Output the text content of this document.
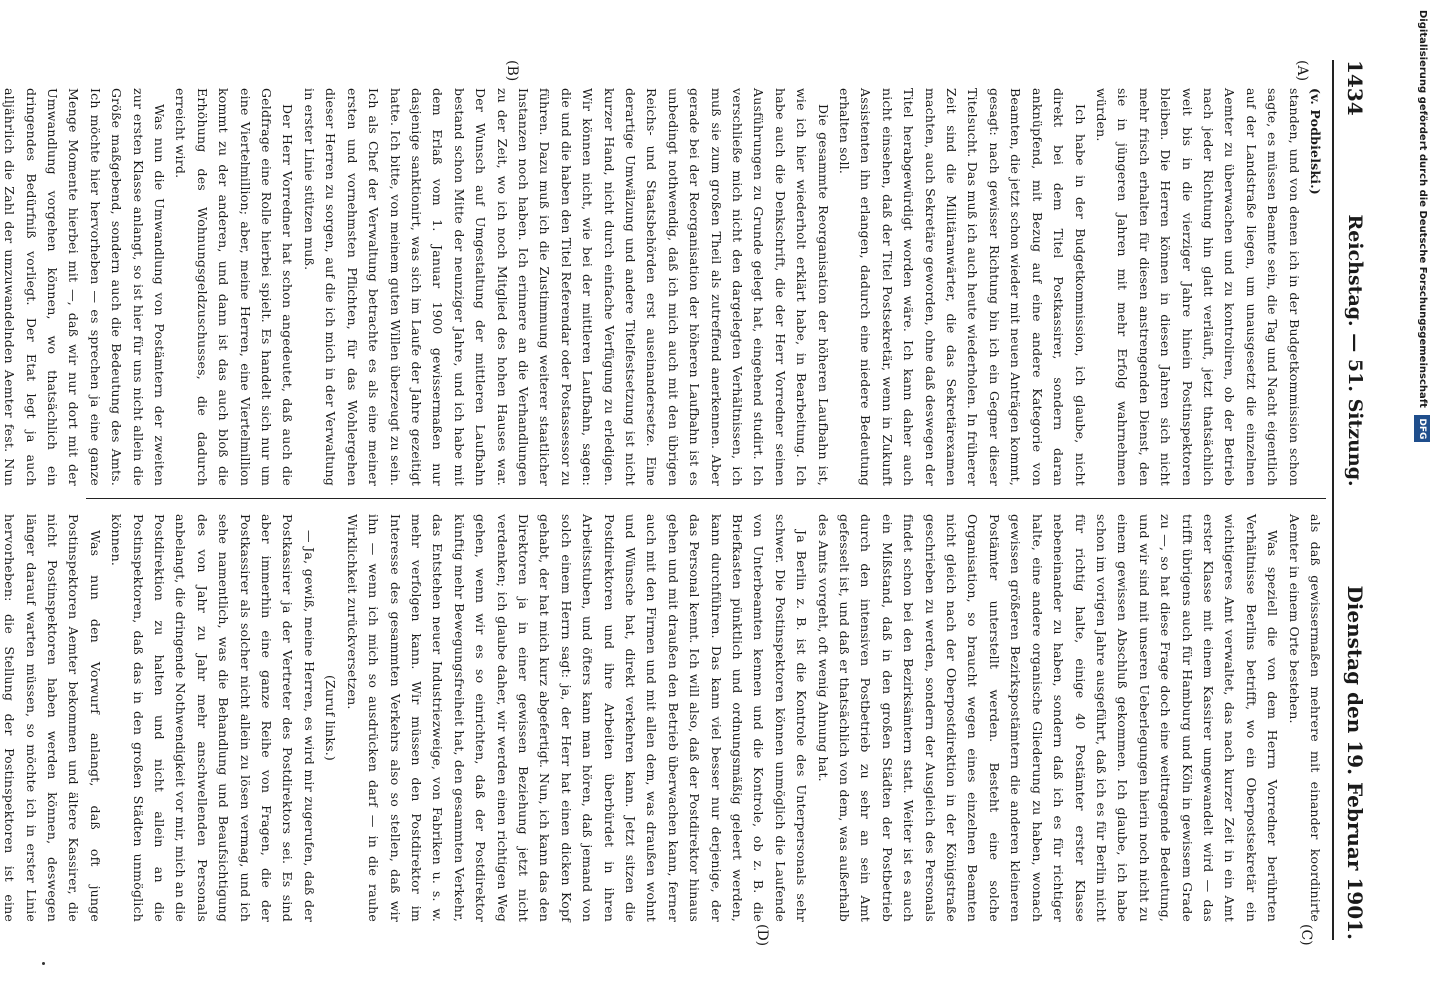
1434
Reichstag. — 51. Sitzung.
Dienstag den 19. Februar 1901.
(A)
(B)
(C)
(D)

(v. Podbielski.)

standen, und von denen ich in der Budgetkommission schon sagte, es müssen Beamte sein, die Tag und Nacht eigentlich auf der Landstraße liegen, um unausgesetzt die einzelnen Aemter zu überwachen und zu kontroliren, ob der Betrieb nach jeder Richtung hin glatt verläuft, jetzt thatsächlich weit bis in die vierziger Jahre hinein Postinspektoren bleiben. Die Herren können in diesen Jahren sich nicht mehr frisch erhalten für diesen anstrengenden Dienst, den sie in jüngeren Jahren mit mehr Erfolg wahrnehmen würden.

Ich habe in der Budgetkommission, ich glaube, nicht direkt bei dem Titel Postkassirer, sondern daran anknüpfend, mit Bezug auf eine andere Kategorie von Beamten, die jetzt schon wieder mit neuen Anträgen kommt, gesagt: nach gewisser Richtung bin ich ein Gegner dieser Titelsucht. Das muß ich auch heute wiederholen. In früherer Zeit sind die Militäranwärter, die das Sekretärexamen machten, auch Sekretäre geworden, ohne daß deswegen der Titel herabgewürdigt worden wäre. Ich kann daher auch nicht einsehen, daß der Titel Postsekretär, wenn in Zukunft Assistenten ihn erlangen, dadurch eine niedere Bedeutung erhalten soll.

Die gesammte Reorganisation der höheren Laufbahn ist, wie ich hier wiederholt erklärt habe, in Bearbeitung. Ich habe auch die Denkschrift, die der Herr Vorredner seinen Ausführungen zu Grunde gelegt hat, eingehend studirt. Ich verschließe mich nicht den dargelegten Verhältnissen, ich muß sie zum großen Theil als zutreffend anerkennen. Aber gerade bei der Reorganisation der höheren Laufbahn ist es unbedingt nothwendig, daß ich mich auch mit den übrigen Reichs- und Staatsbehörden erst auseinandersetze. Eine derartige Umwälzung und andere Titelfestsetzung ist nicht kurzer Hand, nicht durch einfache Verfügung zu erledigen. Wir können nicht, wie bei der mittleren Laufbahn, sagen: die und die haben den Titel Referendar oder Postassessor zu führen. Dazu muß ich die Zustimmung weiterer staatlicher Instanzen noch haben. Ich erinnere an die Verhandlungen zu der Zeit, wo ich noch Mitglied des hohen Hauses war. Der Wunsch auf Umgestaltung der mittleren Laufbahn bestand schon Mitte der neunziger Jahre, und ich habe mit dem Erlaß vom 1. Januar 1900 gewissermaßen nur dasjenige sanktionirt, was sich im Laufe der Jahre gezeitigt hatte. Ich bitte, von meinem guten Willen überzeugt zu sein. Ich als Chef der Verwaltung betrachte es als eine meiner ersten und vornehmsten Pflichten, für das Wohlergehen dieser Herren zu sorgen, auf die ich mich in der Verwaltung in erster Linie stützen muß.

Der Herr Vorredner hat schon angedeutet, daß auch die Geldfrage eine Rolle hierbei spielt. Es handelt sich nur um eine Viertelmillion; aber, meine Herren, eine Viertelmillion kommt zu der anderen, und dann ist das auch bloß die Erhöhung des Wohnungsgeldzuschusses, die dadurch erreicht wird.

Was nun die Umwandlung von Postämtern der zweiten zur ersten Klasse anlangt, so ist hier für uns nicht allein die Größe maßgebend, sondern auch die Bedeutung des Amts. Ich möchte hier hervorheben — es sprechen ja eine ganze Menge Momente hierbei mit —, daß wir nur dort mit der Umwandlung vorgehen können, wo thatsächlich ein dringendes Bedürfniß vorliegt. Der Etat legt ja auch alljährlich die Zahl der umzuwandelnden Aemter fest. Nun

als daß gewissermaßen mehrere mit einander koordinirte Aemter in einem Orte bestehen.

Was speziell die von dem Herrn Vorredner berührten Verhältnisse Berlins betrifft, wo ein Oberpostsekretär ein wichtigeres Amt verwaltet, das nach kurzer Zeit in ein Amt erster Klasse mit einem Kassirer umgewandelt wird — das trifft übrigens auch für Hamburg und Köln in gewissem Grade zu —, so hat diese Frage doch eine weittragende Bedeutung, und wir sind mit unseren Ueberlegungen hierin noch nicht zu einem gewissen Abschluß gekommen. Ich glaube, ich habe schon im vorigen Jahre ausgeführt, daß ich es für Berlin nicht für richtig halte, einige 40 Postämter erster Klasse nebeneinander zu haben, sondern daß ich es für richtiger halte, eine andere organische Gliederung zu haben, wonach gewissen größeren Bezirkspostämtern die anderen kleineren Postämter unterstellt werden. Besteht eine solche Organisation, so braucht wegen eines einzelnen Beamten nicht gleich nach der Oberpostdirektion in der Königstraße geschrieben zu werden, sondern der Ausgleich des Personals findet schon bei den Bezirksämtern statt. Weiter ist es auch ein Mißstand, daß in den großen Städten der Postbetrieb durch den intensiven Postbetrieb zu sehr an sein Amt gefesselt ist, und daß er thatsächlich von dem, was außerhalb des Amts vorgeht, oft wenig Ahnung hat.

Ja Berlin z. B. ist die Kontrole des Unterpersonals sehr schwer. Die Postinspektoren können unmöglich die Laufende von Unterbeamten kennen und die Kontrole, ob z. B. die Briefkasten pünktlich und ordnungsmäßig geleert werden, kann durchführen. Das kann viel besser nur derjenige, der das Personal kennt. Ich will also, daß der Postdirektor hinaus gehen und mit draußen den Betrieb überwachen kann, ferner auch mit den Firmen und mit allen dem, was draußen wohnt und Wünsche hat, direkt verkehren kann. Jetzt sitzen die Postdirektoren und ihre Arbeiten überbürdet in ihren Arbeitsstuben, und öfters kann man hören, daß jemand von solch einem Herrn sagt: ja, der Herr hat einen dicken Kopf gehabt, der hat mich kurz abgefertigt. Nun, ich kann das den Direktoren ja in einer gewissen Beziehung jetzt nicht verdenken; ich glaube daher, wir werden einen richtigen Weg gehen, wenn wir es so einrichten, daß der Postdirektor künftig mehr Bewegungsfreiheit hat, den gesammten Verkehr, das Entstehen neuer Industriezweige, von Fabriken u. s. w. mehr verfolgen kann. Wir müssen den Postdirektor im Interesse des gesammten Verkehrs also so stellen, daß wir ihn — wenn ich mich so ausdrücken darf — in die rauhe Wirklichkeit zurückversetzen.

(Zuruf links.)

— Ja, gewiß, meine Herren, es wird mir zugerufen, daß der Postkassirer ja der Vertreter des Postdirektors sei. Es sind aber immerhin eine ganze Reihe von Fragen, die der Postkassirer als solcher nicht allein zu lösen vermag, und ich sehe namentlich, was die Behandlung und Beaufsichtigung des von Jahr zu Jahr mehr anschwellenden Personals anbelangt, die dringende Nothwendigkeit vor mir, mich an die Postdirektion zu halten und nicht allein an die Postinspektoren, daß das in den großen Städten unmöglich können.

Was nun den Vorwurf anlangt, daß oft junge Postinspektoren Aemter bekommen und ältere Kassirer, die nicht Postinspektoren haben werden können, deswegen länger darauf warten müssen, so möchte ich in erster Linie hervorheben: die Stellung der Postinspektoren ist eine

Digitalisierung gefördert durch die Deutsche Forschungsgemeinschaft DFG
